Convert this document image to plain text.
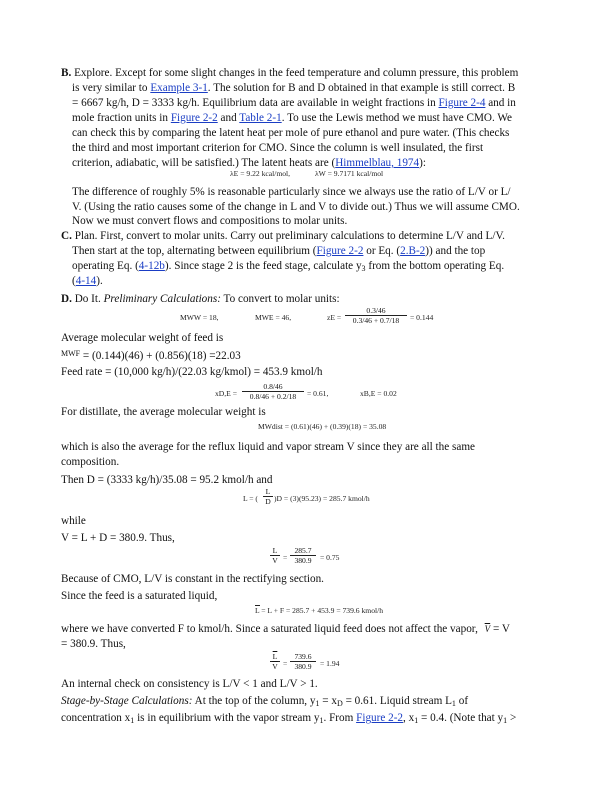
B. Explore. Except for some slight changes in the feed temperature and column pressure, this problem
is very similar to Example 3-1. The solution for B and D obtained in that example is still correct. B
= 6667 kg/h, D = 3333 kg/h. Equilibrium data are available in weight fractions in Figure 2-4 and in
mole fraction units in Figure 2-2 and Table 2-1. To use the Lewis method we must have CMO. We
can check this by comparing the latent heat per mole of pure ethanol and pure water. (This checks
the third and most important criterion for CMO. Since the column is well insulated, the first
criterion, adiabatic, will be satisfied.) The latent heats are (Himmelblau, 1974):
λE = 9.22 kcal/mol,	λW = 9.7171 kcal/mol
The difference of roughly 5% is reasonable particularly since we always use the ratio of L/V or L/
V. (Using the ratio causes some of the change in L and V to divide out.) Thus we will assume CMO.
Now we must convert flows and compositions to molar units.
C. Plan. First, convert to molar units. Carry out preliminary calculations to determine L/V and L/V.
Then start at the top, alternating between equilibrium (Figure 2-2 or Eq. (2.B-2)) and the top
operating Eq. (4-12b). Since stage 2 is the feed stage, calculate $y_3$ from the bottom operating Eq.
(4-14).
D. Do It. Preliminary Calculations: To convert to molar units:
MWW = 18,	MWE = 46,	zE = $\frac{0.3/46}{0.3/46 + 0.7/18} = 0.144$
Average molecular weight of feed is
$^{MWF}$ = (0.144)(46) + (0.856)(18) =22.03
Feed rate = (10,000 kg/h)/(22.03 kg/kmol) = 453.9 kmol/h
$xD,E = \frac{0.8/46}{0.8/46 + 0.2/18} = 0.61$,	xB,E = 0.02
For distillate, the average molecular weight is
MWdist = (0.61)(46) + (0.39)(18) = 35.08
which is also the average for the reflux liquid and vapor stream V since they are all the same
composition.
Then D = (3333 kg/h)/35.08 = 95.2 kmol/h and
L = ( $\frac{L}{D} )D = (3)(95.23) = 285.7$ kmol/h
while
V = L + D = 380.9. Thus,
$\frac{L}{V} = \frac{285.7}{380.9} = 0.75$
Because of CMO, L/V is constant in the rectifying section.
Since the feed is a saturated liquid,
L = L + F = 285.7 + 453.9 = 739.6 kmol/h
where we have converted F to kmol/h. Since a saturated liquid feed does not affect the vapor, $\overline{V} = V$
= 380.9. Thus,
$\frac{\overline{L}}{V} = \frac{739.6}{380.9} = 1.94$
An internal check on consistency is L/V < 1 and L/V > 1.
Stage-by-Stage Calculations: At the top of the column, $y_1 = x_D = 0.61$. Liquid stream $L_1$ of
concentration $x_1$ is in equilibrium with the vapor stream $y_1$. From Figure 2-2, $x_1 = 0.4$. (Note that $y_1$ >
